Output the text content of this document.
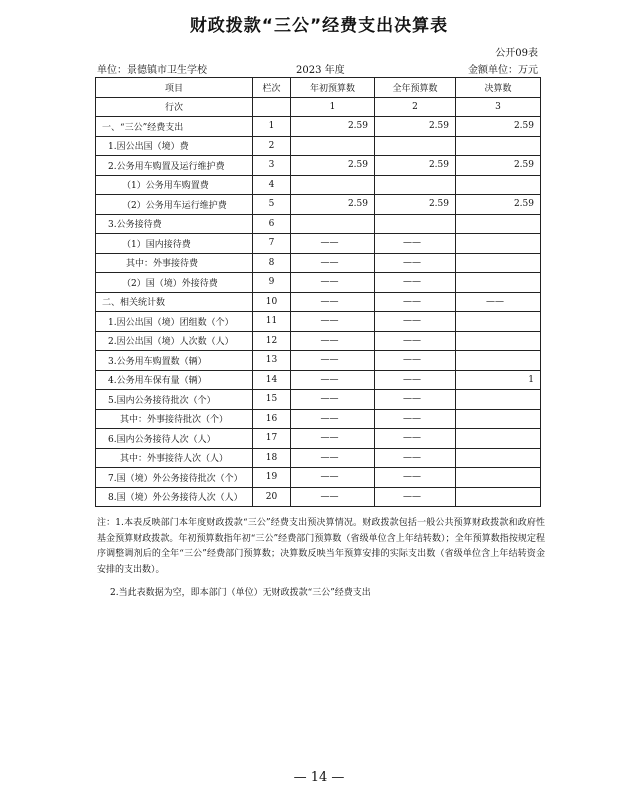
财政拨款“三公”经费支出决算表
公开09表
单位：景德镇市卫生学校	2023 年度	金额单位：万元
项目	栏次	年初预算数	全年预算数	决算数
行次		1	2	3
一、“三公”经费支出	1	2.59	2.59	2.59
1.因公出国（境）费	2			
2.公务用车购置及运行维护费	3	2.59	2.59	2.59
（1）公务用车购置费	4			
（2）公务用车运行维护费	5	2.59	2.59	2.59
3.公务接待费	6			
（1）国内接待费	7	——	——	
其中：外事接待费	8	——	——	
（2）国（境）外接待费	9	——	——	
二、相关统计数	10	——	——	——
1.因公出国（境）团组数（个）	11	——	——	
2.因公出国（境）人次数（人）	12	——	——	
3.公务用车购置数（辆）	13	——	——	
4.公务用车保有量（辆）	14	——	——	1
5.国内公务接待批次（个）	15	——	——	
其中：外事接待批次（个）	16	——	——	
6.国内公务接待人次（人）	17	——	——	
其中：外事接待人次（人）	18	——	——	
7.国（境）外公务接待批次（个）	19	——	——	
8.国（境）外公务接待人次（人）	20	——	——	
注：1.本表反映部门本年度财政拨款“三公”经费支出预决算情况。财政拨款包括一般公共预算财政拨款和政府性基金预算财政拨款。年初预算数指年初“三公”经费部门预算数（省级单位含上年结转数）；全年预算数指按规定程序调整调剂后的全年“三公”经费部门预算数；决算数反映当年预算安排的实际支出数（省级单位含上年结转资金安排的支出数）。
2.当此表数据为空，即本部门（单位）无财政拨款“三公”经费支出
— 14 —
